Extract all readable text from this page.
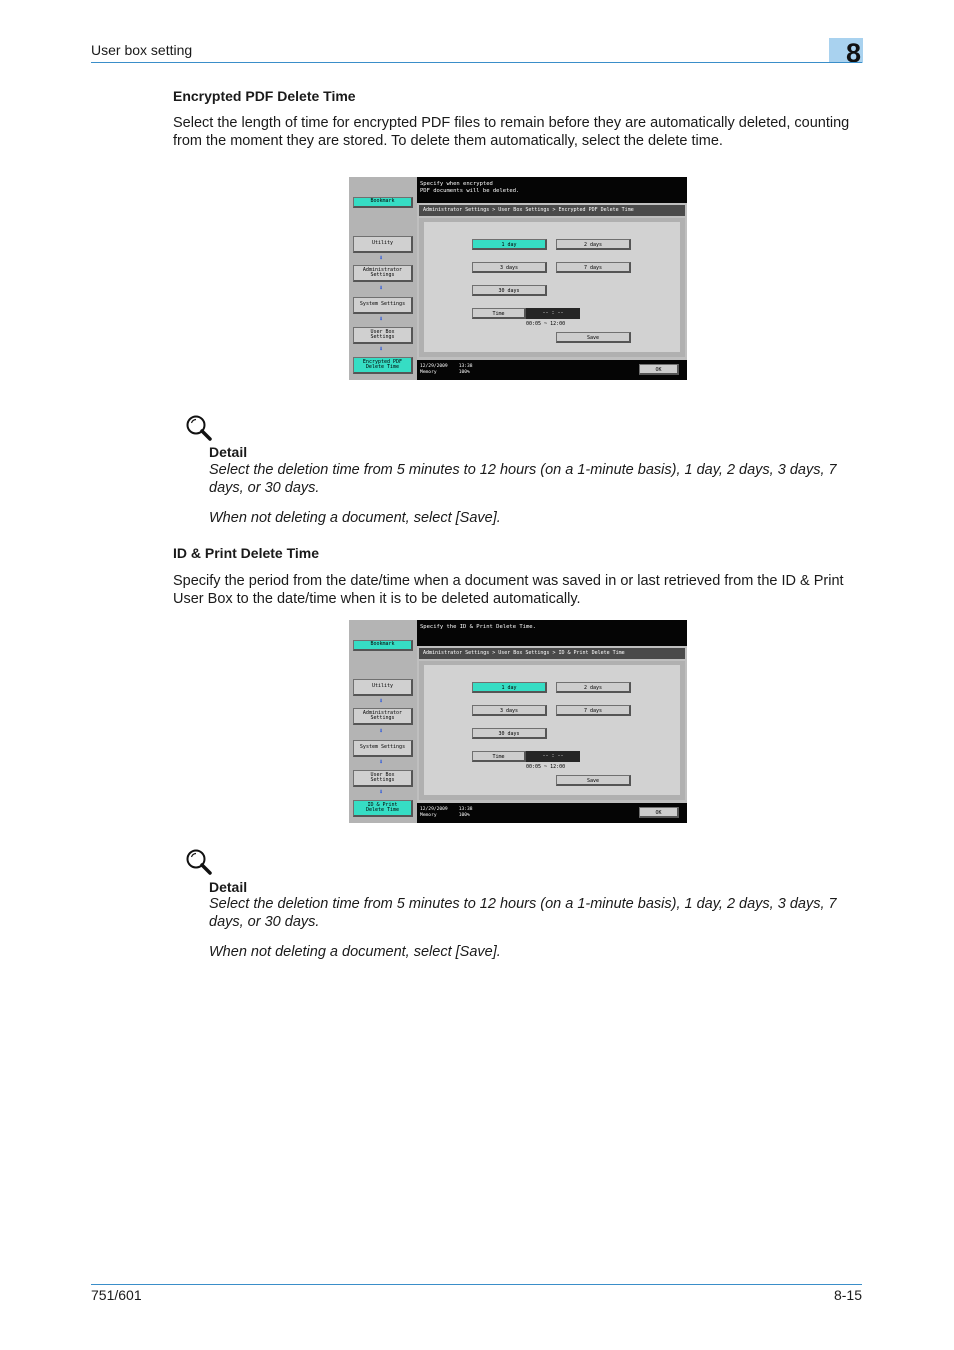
User box setting	8
Encrypted PDF Delete Time
Select the length of time for encrypted PDF files to remain before they are automatically deleted, counting from the moment they are stored. To delete them automatically, select the delete time.
Bookmark
Utility
⬇
Administrator
Settings
⬇
System Settings
⬇
User Box
Settings
⬇
Encrypted PDF
Delete Time
Specify when encrypted
PDF documents will be deleted.
Administrator Settings > User Box Settings > Encrypted PDF Delete Time
1 day	2 days
3 days	7 days
30 days
Time	-- : --
00:05 ~ 12:00
Save
12/29/2009    13:38
Memory        100%	OK
Detail
Select the deletion time from 5 minutes to 12 hours (on a 1-minute basis), 1 day, 2 days, 3 days, 7 days, or 30 days.
When not deleting a document, select [Save].
ID & Print Delete Time
Specify the period from the date/time when a document was saved in or last retrieved from the ID & Print User Box to the date/time when it is to be deleted automatically.
Bookmark
Utility
⬇
Administrator
Settings
⬇
System Settings
⬇
User Box
Settings
⬇
ID & Print
Delete Time
Specify the ID & Print Delete Time.
Administrator Settings > User Box Settings > ID & Print Delete Time
1 day	2 days
3 days	7 days
30 days
Time	-- : --
00:05 ~ 12:00
Save
12/29/2009    13:38
Memory        100%	OK
Detail
Select the deletion time from 5 minutes to 12 hours (on a 1-minute basis), 1 day, 2 days, 3 days, 7 days, or 30 days.
When not deleting a document, select [Save].
751/601	8-15
